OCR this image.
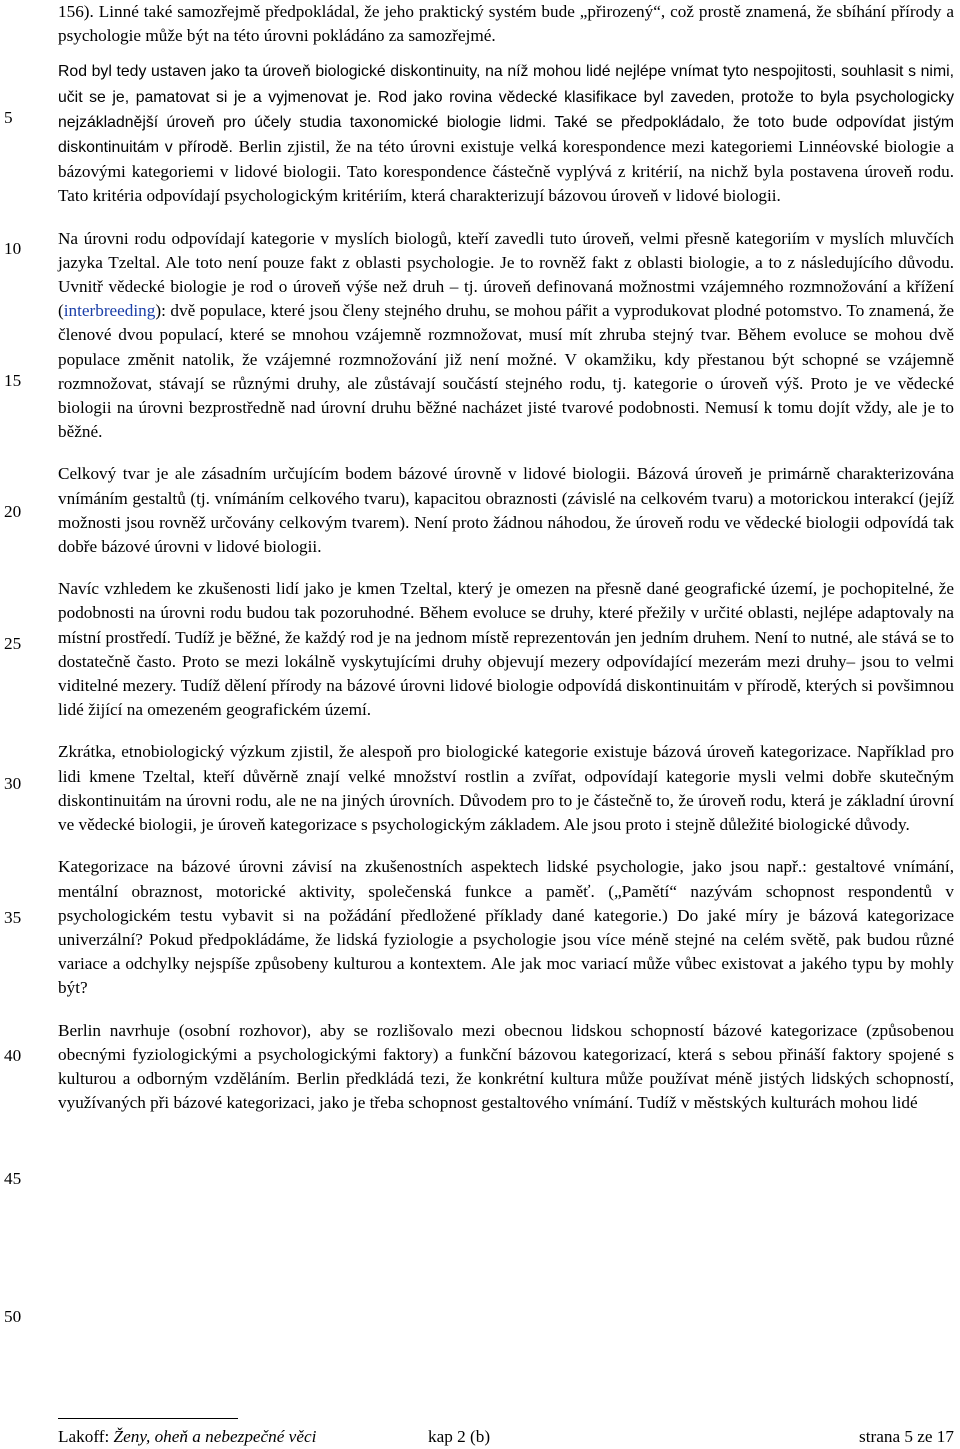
5
10
15
20
25
30
35
40
45
50

156). Linné také samozřejmě předpokládal, že jeho praktický systém bude „přirozený“, což prostě znamená, že sbíhání přírody a psychologie může být na této úrovni pokládáno za samozřejmé.

Rod byl tedy ustaven jako ta úroveň biologické diskontinuity, na níž mohou lidé nejlépe vnímat tyto nespojitosti, souhlasit s nimi, učit se je, pamatovat si je a vyjmenovat je. Rod jako rovina vědecké klasifikace byl zaveden, protože to byla psychologicky nejzákladnější úroveň pro účely studia taxonomické biologie lidmi. Také se předpokládalo, že toto bude odpovídat jistým diskontinuitám v přírodě. Berlin zjistil, že na této úrovni existuje velká korespondence mezi kategoriemi Linnéovské biologie a bázovými kategoriemi v lidové biologii. Tato korespondence částečně vyplývá z kritérií, na nichž byla postavena úroveň rodu. Tato kritéria odpovídají psychologickým kritériím, která charakterizují bázovou úroveň v lidové biologii.

Na úrovni rodu odpovídají kategorie v myslích biologů, kteří zavedli tuto úroveň, velmi přesně kategoriím v myslích mluvčích jazyka Tzeltal. Ale toto není pouze fakt z oblasti psychologie. Je to rovněž fakt z oblasti biologie, a to z následujícího důvodu. Uvnitř vědecké biologie je rod o úroveň výše než druh – tj. úroveň definovaná možnostmi vzájemného rozmnožování a křížení (interbreeding): dvě populace, které jsou členy stejného druhu, se mohou pářit a vyprodukovat plodné potomstvo. To znamená, že členové dvou populací, které se mnohou vzájemně rozmnožovat, musí mít zhruba stejný tvar. Během evoluce se mohou dvě populace změnit natolik, že vzájemné rozmnožování již není možné. V okamžiku, kdy přestanou být schopné se vzájemně rozmnožovat, stávají se různými druhy, ale zůstávají součástí stejného rodu, tj. kategorie o úroveň výš. Proto je ve vědecké biologii na úrovni bezprostředně nad úrovní druhu běžné nacházet jisté tvarové podobnosti. Nemusí k tomu dojít vždy, ale je to běžné.

Celkový tvar je ale zásadním určujícím bodem bázové úrovně v lidové biologii. Bázová úroveň je primárně charakterizována vnímáním gestaltů (tj. vnímáním celkového tvaru), kapacitou obraznosti (závislé na celkovém tvaru) a motorickou interakcí (jejíž možnosti jsou rovněž určovány celkovým tvarem). Není proto žádnou náhodou, že úroveň rodu ve vědecké biologii odpovídá tak dobře bázové úrovni v lidové biologii.

Navíc vzhledem ke zkušenosti lidí jako je kmen Tzeltal, který je omezen na přesně dané geografické území, je pochopitelné, že podobnosti na úrovni rodu budou tak pozoruhodné. Během evoluce se druhy, které přežily v určité oblasti, nejlépe adaptovaly na místní prostředí. Tudíž je běžné, že každý rod je na jednom místě reprezentován jen jedním druhem. Není to nutné, ale stává se to dostatečně často. Proto se mezi lokálně vyskytujícími druhy objevují mezery odpovídající mezerám mezi druhy– jsou to velmi viditelné mezery. Tudíž dělení přírody na bázové úrovni lidové biologie odpovídá diskontinuitám v přírodě, kterých si povšimnou lidé žijící na omezeném geografickém území.

Zkrátka, etnobiologický výzkum zjistil, že alespoň pro biologické kategorie existuje bázová úroveň kategorizace. Například pro lidi kmene Tzeltal, kteří důvěrně znají velké množství rostlin a zvířat, odpovídají kategorie mysli velmi dobře skutečným diskontinuitám na úrovni rodu, ale ne na jiných úrovních. Důvodem pro to je částečně to, že úroveň rodu, která je základní úrovní ve vědecké biologii, je úroveň kategorizace s psychologickým základem. Ale jsou proto i stejně důležité biologické důvody.

Kategorizace na bázové úrovni závisí na zkušenostních aspektech lidské psychologie, jako jsou např.: gestaltové vnímání, mentální obraznost, motorické aktivity, společenská funkce a paměť. („Pamětí“ nazývám schopnost respondentů v psychologickém testu vybavit si na požádání předložené příklady dané kategorie.) Do jaké míry je bázová kategorizace univerzální? Pokud předpokládáme, že lidská fyziologie a psychologie jsou více méně stejné na celém světě, pak budou různé variace a odchylky nejspíše způsobeny kulturou a kontextem. Ale jak moc variací může vůbec existovat a jakého typu by mohly být?

Berlin navrhuje (osobní rozhovor), aby se rozlišovalo mezi obecnou lidskou schopností bázové kategorizace (způsobenou obecnými fyziologickými a psychologickými faktory) a funkční bázovou kategorizací, která s sebou přináší faktory spojené s kulturou a odborným vzděláním. Berlin předkládá tezi, že konkrétní kultura může používat méně jistých lidských schopností, využívaných při bázové kategorizaci, jako je třeba schopnost gestaltového vnímání. Tudíž v městských kulturách mohou lidé

Lakoff: Ženy, oheň a nebezpečné věci	kap 2 (b)	strana 5 ze 17
